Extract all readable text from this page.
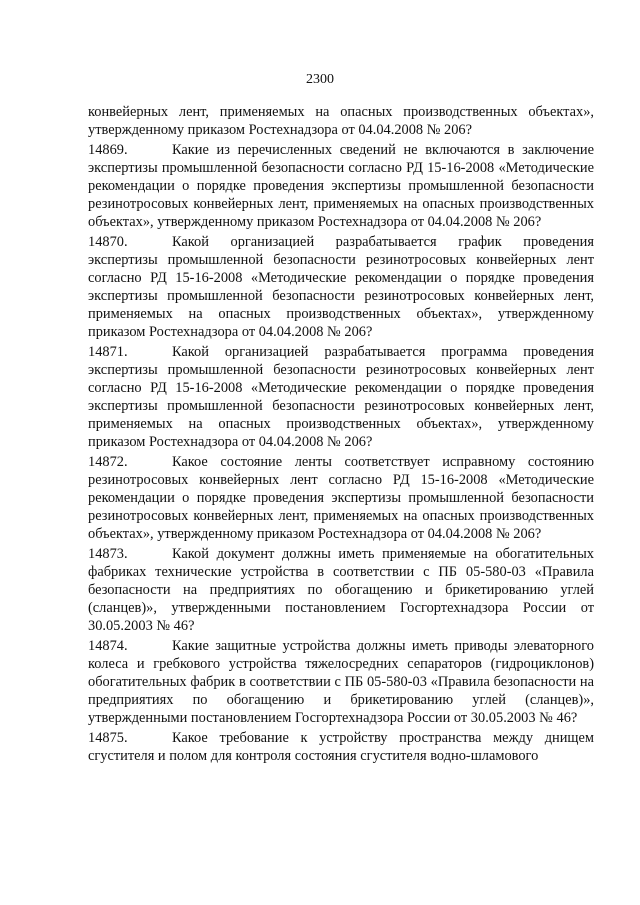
2300

конвейерных лент, применяемых на опасных производственных объектах», утвержденному приказом Ростехнадзора от 04.04.2008 № 206?

14869.	Какие из перечисленных сведений не включаются в заключение экспертизы промышленной безопасности согласно РД 15-16-2008 «Методические рекомендации о порядке проведения экспертизы промышленной безопасности резинотросовых конвейерных лент, применяемых на опасных производственных объектах», утвержденному приказом Ростехнадзора от 04.04.2008 № 206?

14870.	Какой организацией разрабатывается график проведения экспертизы промышленной безопасности резинотросовых конвейерных лент согласно РД 15-16-2008 «Методические рекомендации о порядке проведения экспертизы промышленной безопасности резинотросовых конвейерных лент, применяемых на опасных производственных объектах», утвержденному приказом Ростехнадзора от 04.04.2008 № 206?

14871.	Какой организацией разрабатывается программа проведения экспертизы промышленной безопасности резинотросовых конвейерных лент согласно РД 15-16-2008 «Методические рекомендации о порядке проведения экспертизы промышленной безопасности резинотросовых конвейерных лент, применяемых на опасных производственных объектах», утвержденному приказом Ростехнадзора от 04.04.2008 № 206?

14872.	Какое состояние ленты соответствует исправному состоянию резинотросовых конвейерных лент согласно РД 15-16-2008 «Методические рекомендации о порядке проведения экспертизы промышленной безопасности резинотросовых конвейерных лент, применяемых на опасных производственных объектах», утвержденному приказом Ростехнадзора от 04.04.2008 № 206?

14873.	Какой документ должны иметь применяемые на обогатительных фабриках технические устройства в соответствии с ПБ 05-580-03 «Правила безопасности на предприятиях по обогащению и брикетированию углей (сланцев)», утвержденными постановлением Госгортехнадзора России от 30.05.2003 № 46?

14874.	Какие защитные устройства должны иметь приводы элеваторного колеса и гребкового устройства тяжелосредних сепараторов (гидроциклонов) обогатительных фабрик в соответствии с ПБ 05-580-03 «Правила безопасности на предприятиях по обогащению и брикетированию углей (сланцев)», утвержденными постановлением Госгортехнадзора России от 30.05.2003 № 46?

14875.	Какое требование к устройству пространства между днищем сгустителя и полом для контроля состояния сгустителя водно-шламового
